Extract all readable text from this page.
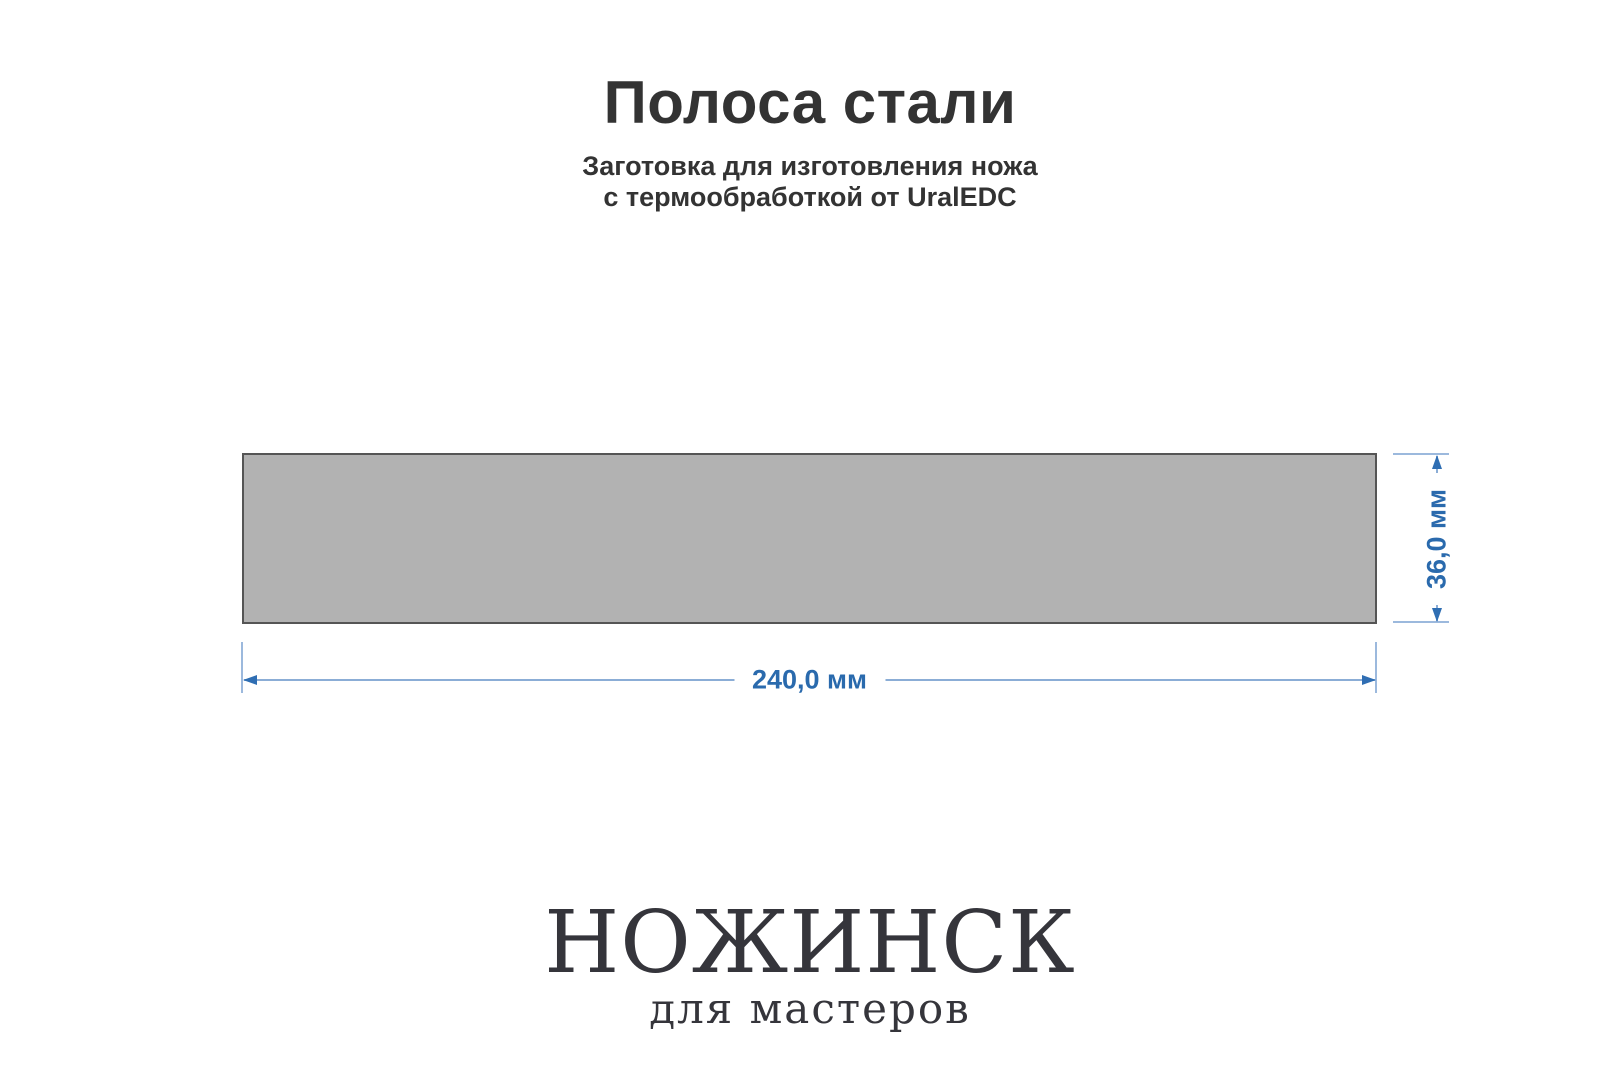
Полоса стали
Заготовка для изготовления ножа
с термообработкой от UralEDC
240,0 мм
36,0 мм
НОЖИНСК
для мастеров
